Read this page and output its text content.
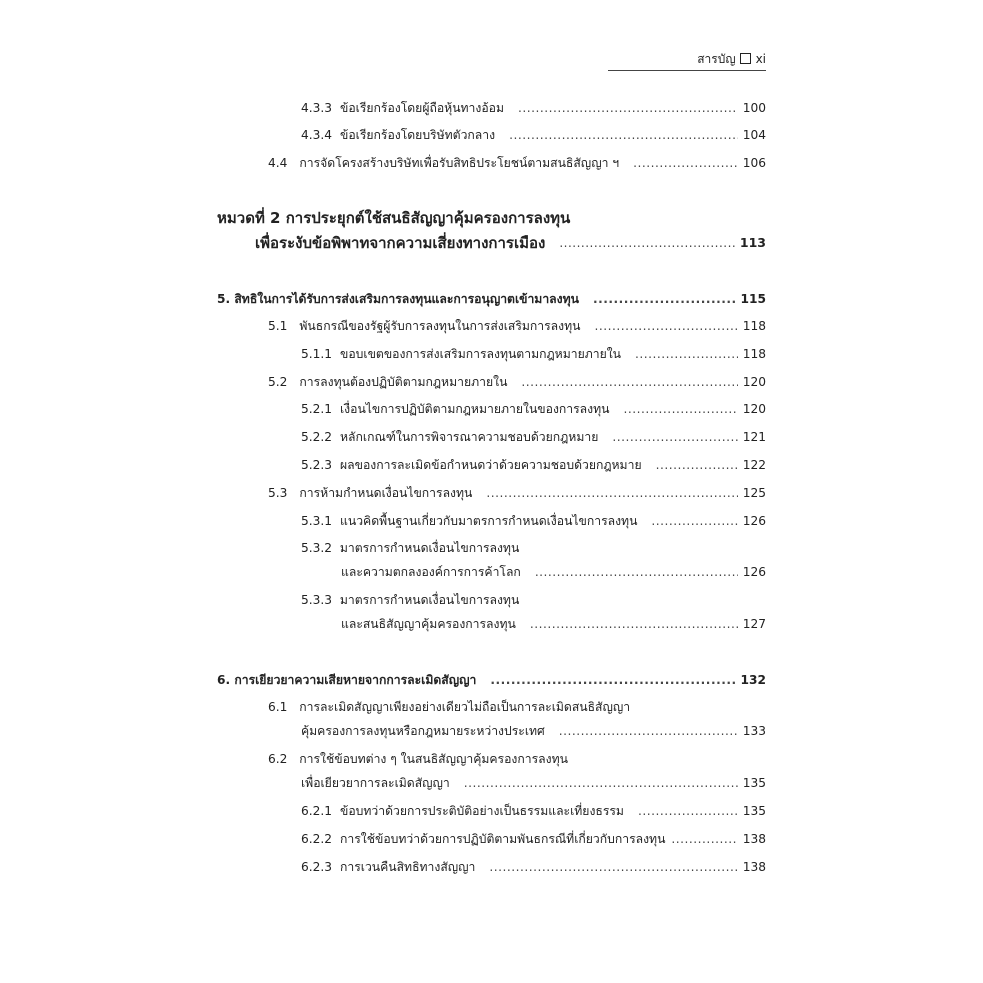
สารบัญ xi
4.3.3 ข้อเรียกร้องโดยผู้ถือหุ้นทางอ้อม .....	100
4.3.4 ข้อเรียกร้องโดยบริษัทตัวกลาง .....	104
4.4 การจัดโครงสร้างบริษัทเพื่อรับสิทธิประโยชน์ตามสนธิสัญญา ฯ .....	106
หมวดที่ 2 การประยุกต์ใช้สนธิสัญญาคุ้มครองการลงทุน
เพื่อระงับข้อพิพาทจากความเสี่ยงทางการเมือง .....	113
5. สิทธิในการได้รับการส่งเสริมการลงทุนและการอนุญาตเข้ามาลงทุน .....	115
5.1 พันธกรณีของรัฐผู้รับการลงทุนในการส่งเสริมการลงทุน .....	118
5.1.1 ขอบเขตของการส่งเสริมการลงทุนตามกฎหมายภายใน .....	118
5.2 การลงทุนต้องปฏิบัติตามกฎหมายภายใน .....	120
5.2.1 เงื่อนไขการปฏิบัติตามกฎหมายภายในของการลงทุน .....	120
5.2.2 หลักเกณฑ์ในการพิจารณาความชอบด้วยกฎหมาย .....	121
5.2.3 ผลของการละเมิดข้อกำหนดว่าด้วยความชอบด้วยกฎหมาย .....	122
5.3 การห้ามกำหนดเงื่อนไขการลงทุน .....	125
5.3.1 แนวคิดพื้นฐานเกี่ยวกับมาตรการกำหนดเงื่อนไขการลงทุน .....	126
5.3.2 มาตรการกำหนดเงื่อนไขการลงทุน
และความตกลงองค์การการค้าโลก .....	126
5.3.3 มาตรการกำหนดเงื่อนไขการลงทุน
และสนธิสัญญาคุ้มครองการลงทุน .....	127
6. การเยียวยาความเสียหายจากการละเมิดสัญญา .....	132
6.1 การละเมิดสัญญาเพียงอย่างเดียวไม่ถือเป็นการละเมิดสนธิสัญญา
คุ้มครองการลงทุนหรือกฎหมายระหว่างประเทศ .....	133
6.2 การใช้ข้อบทต่าง ๆ ในสนธิสัญญาคุ้มครองการลงทุน
เพื่อเยียวยาการละเมิดสัญญา .....	135
6.2.1 ข้อบทว่าด้วยการประติบัติอย่างเป็นธรรมและเที่ยงธรรม .....	135
6.2.2 การใช้ข้อบทว่าด้วยการปฏิบัติตามพันธกรณีที่เกี่ยวกับการลงทุน .....	138
6.2.3 การเวนคืนสิทธิทางสัญญา .....	138
